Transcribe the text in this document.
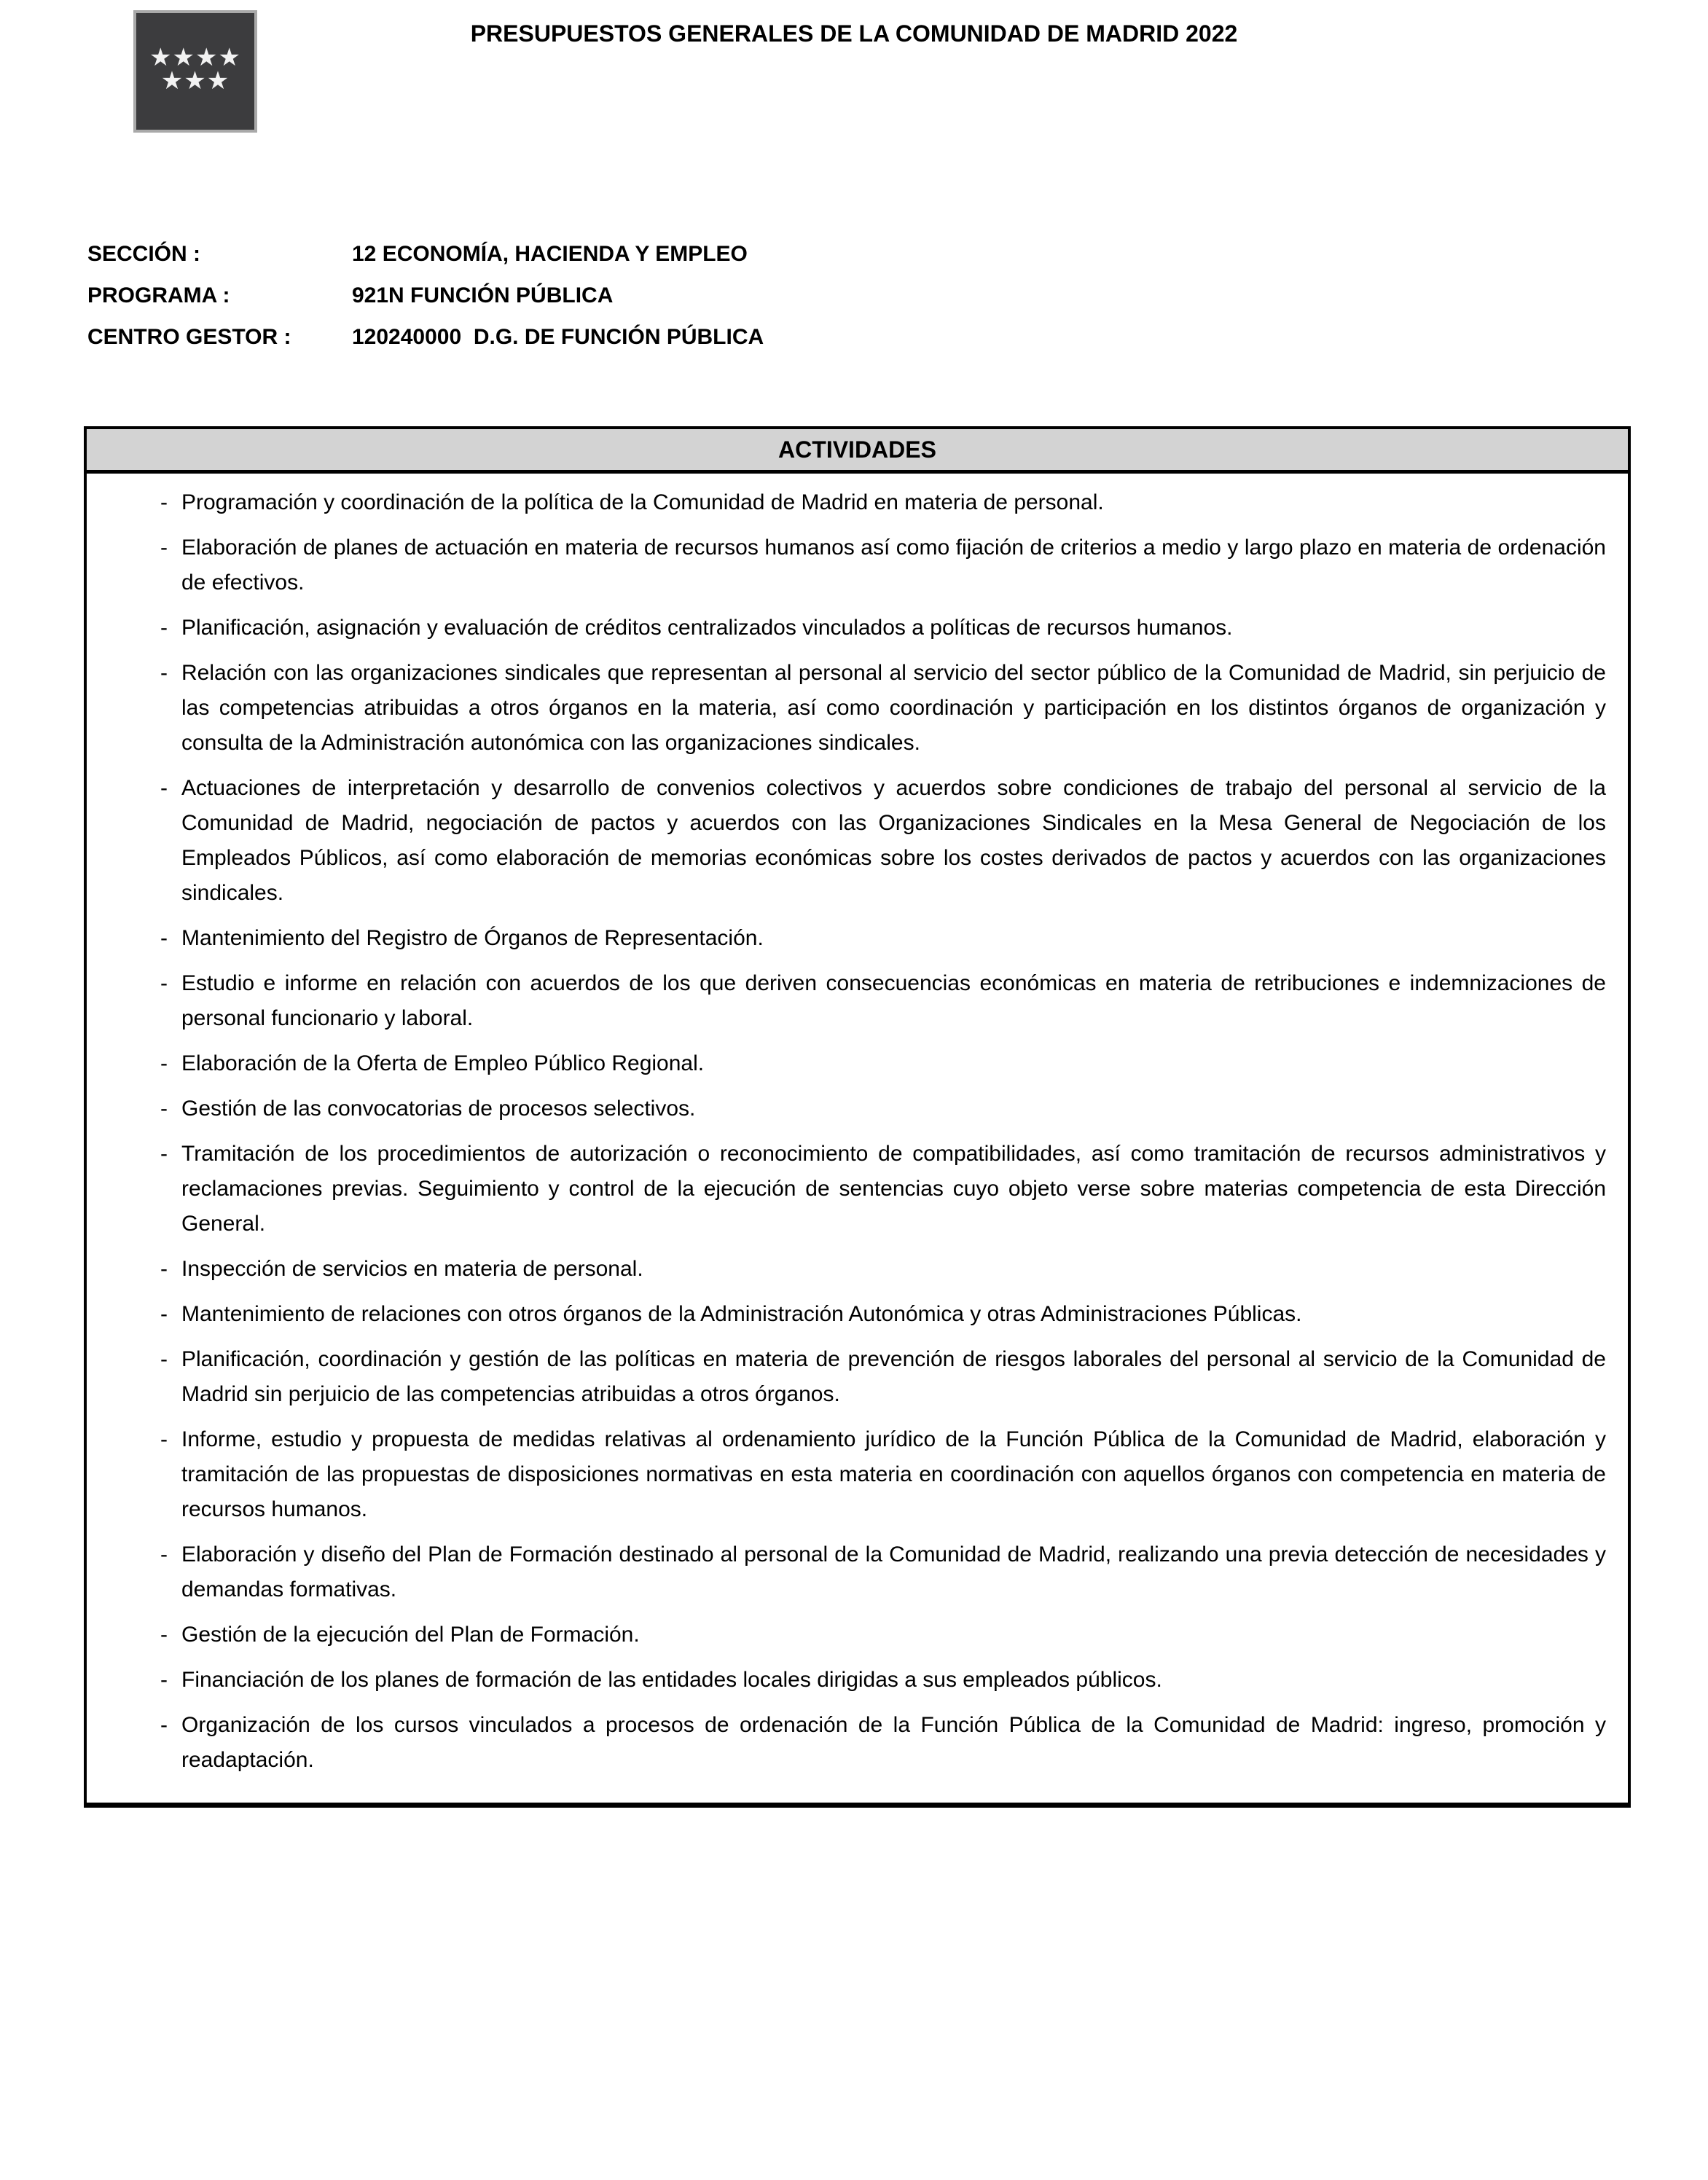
★★★★
★★★
PRESUPUESTOS GENERALES DE LA COMUNIDAD DE MADRID 2022
SECCIÓN :	12 ECONOMÍA, HACIENDA Y EMPLEO
PROGRAMA :	921N FUNCIÓN PÚBLICA
CENTRO GESTOR :	120240000  D.G. DE FUNCIÓN PÚBLICA
ACTIVIDADES
- Programación y coordinación de la política de la Comunidad de Madrid en materia de personal.
- Elaboración de planes de actuación en materia de recursos humanos así como fijación de criterios a medio y largo plazo en materia de ordenación de efectivos.
- Planificación, asignación y evaluación de créditos centralizados vinculados a políticas de recursos humanos.
- Relación con las organizaciones sindicales que representan al personal al servicio del sector público de la Comunidad de Madrid, sin perjuicio de las competencias atribuidas a otros órganos en la materia, así como coordinación y participación en los distintos órganos de organización y consulta de la Administración autonómica con las organizaciones sindicales.
- Actuaciones de interpretación y desarrollo de convenios colectivos y acuerdos sobre condiciones de trabajo del personal al servicio de la Comunidad de Madrid, negociación de pactos y acuerdos con las Organizaciones Sindicales en la Mesa General de Negociación de los Empleados Públicos, así como elaboración de memorias económicas sobre los costes derivados de pactos y acuerdos con las organizaciones sindicales.
- Mantenimiento del Registro de Órganos de Representación.
- Estudio e informe en relación con acuerdos de los que deriven consecuencias económicas en materia de retribuciones e indemnizaciones de personal funcionario y laboral.
- Elaboración de la Oferta de Empleo Público Regional.
- Gestión de las convocatorias de procesos selectivos.
- Tramitación de los procedimientos de autorización o reconocimiento de compatibilidades, así como tramitación de recursos administrativos y reclamaciones previas. Seguimiento y control de la ejecución de sentencias cuyo objeto verse sobre materias competencia de esta Dirección General.
- Inspección de servicios en materia de personal.
- Mantenimiento de relaciones con otros órganos de la Administración Autonómica y otras Administraciones Públicas.
- Planificación, coordinación y gestión de las políticas en materia de prevención de riesgos laborales del personal al servicio de la Comunidad de Madrid sin perjuicio de las competencias atribuidas a otros órganos.
- Informe, estudio y propuesta de medidas relativas al ordenamiento jurídico de la Función Pública de la Comunidad de Madrid, elaboración y tramitación de las propuestas de disposiciones normativas en esta materia en coordinación con aquellos órganos con competencia en materia de recursos humanos.
- Elaboración y diseño del Plan de Formación destinado al personal de la Comunidad de Madrid, realizando una previa detección de necesidades y demandas formativas.
- Gestión de la ejecución del Plan de Formación.
- Financiación de los planes de formación de las entidades locales dirigidas a sus empleados públicos.
- Organización de los cursos vinculados a procesos de ordenación de la Función Pública de la Comunidad de Madrid: ingreso, promoción y readaptación.
